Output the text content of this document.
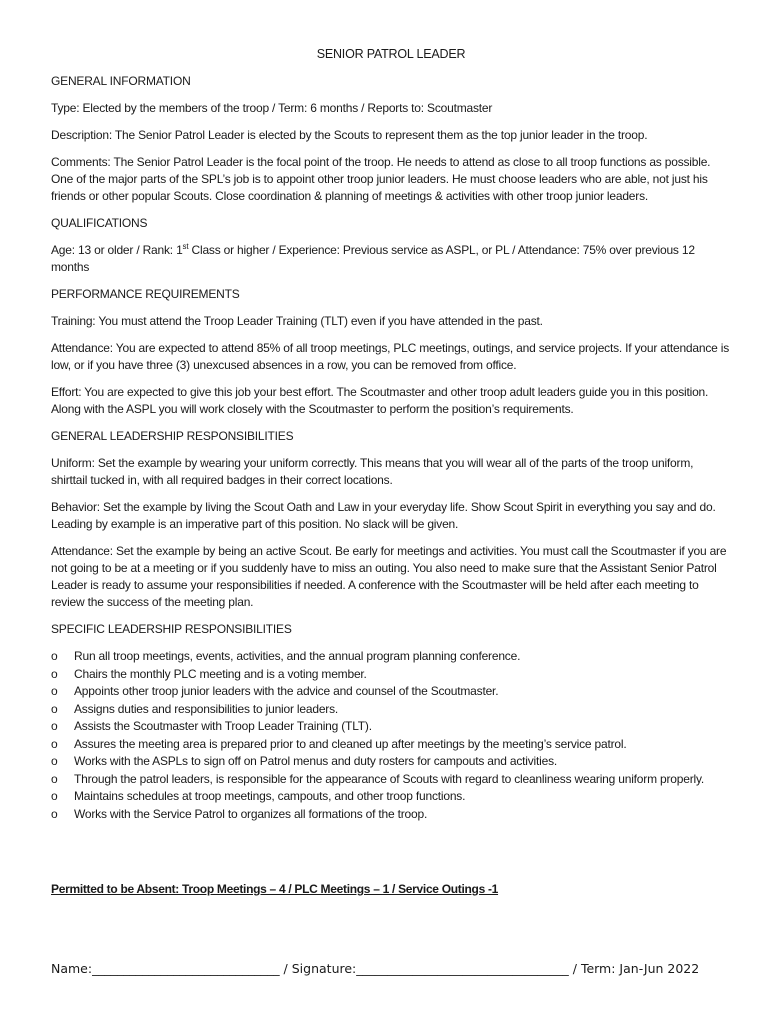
SENIOR PATROL LEADER

GENERAL INFORMATION

Type: Elected by the members of the troop / Term: 6 months / Reports to: Scoutmaster

Description: The Senior Patrol Leader is elected by the Scouts to represent them as the top junior leader in the troop.

Comments: The Senior Patrol Leader is the focal point of the troop. He needs to attend as close to all troop functions as possible. One of the major parts of the SPL’s job is to appoint other troop junior leaders. He must choose leaders who are able, not just his friends or other popular Scouts. Close coordination & planning of meetings & activities with other troop junior leaders.

QUALIFICATIONS

Age: 13 or older / Rank: 1st Class or higher / Experience: Previous service as ASPL, or PL / Attendance: 75% over previous 12 months

PERFORMANCE REQUIREMENTS

Training: You must attend the Troop Leader Training (TLT) even if you have attended in the past.

Attendance: You are expected to attend 85% of all troop meetings, PLC meetings, outings, and service projects. If your attendance is low, or if you have three (3) unexcused absences in a row, you can be removed from office.

Effort: You are expected to give this job your best effort. The Scoutmaster and other troop adult leaders guide you in this position. Along with the ASPL you will work closely with the Scoutmaster to perform the position’s requirements.

GENERAL LEADERSHIP RESPONSIBILITIES

Uniform: Set the example by wearing your uniform correctly. This means that you will wear all of the parts of the troop uniform, shirttail tucked in, with all required badges in their correct locations.

Behavior: Set the example by living the Scout Oath and Law in your everyday life. Show Scout Spirit in everything you say and do. Leading by example is an imperative part of this position. No slack will be given.

Attendance: Set the example by being an active Scout. Be early for meetings and activities. You must call the Scoutmaster if you are not going to be at a meeting or if you suddenly have to miss an outing. You also need to make sure that the Assistant Senior Patrol Leader is ready to assume your responsibilities if needed. A conference with the Scoutmaster will be held after each meeting to review the success of the meeting plan.

SPECIFIC LEADERSHIP RESPONSIBILITIES

o Run all troop meetings, events, activities, and the annual program planning conference.
o Chairs the monthly PLC meeting and is a voting member.
o Appoints other troop junior leaders with the advice and counsel of the Scoutmaster.
o Assigns duties and responsibilities to junior leaders.
o Assists the Scoutmaster with Troop Leader Training (TLT).
o Assures the meeting area is prepared prior to and cleaned up after meetings by the meeting’s service patrol.
o Works with the ASPLs to sign off on Patrol menus and duty rosters for campouts and activities.
o Through the patrol leaders, is responsible for the appearance of Scouts with regard to cleanliness wearing uniform properly.
o Maintains schedules at troop meetings, campouts, and other troop functions.
o Works with the Service Patrol to organizes all formations of the troop.
Permitted to be Absent: Troop Meetings – 4 / PLC Meetings – 1 / Service Outings -1
Name:______________________________ / Signature:__________________________________ / Term: Jan-Jun 2022
